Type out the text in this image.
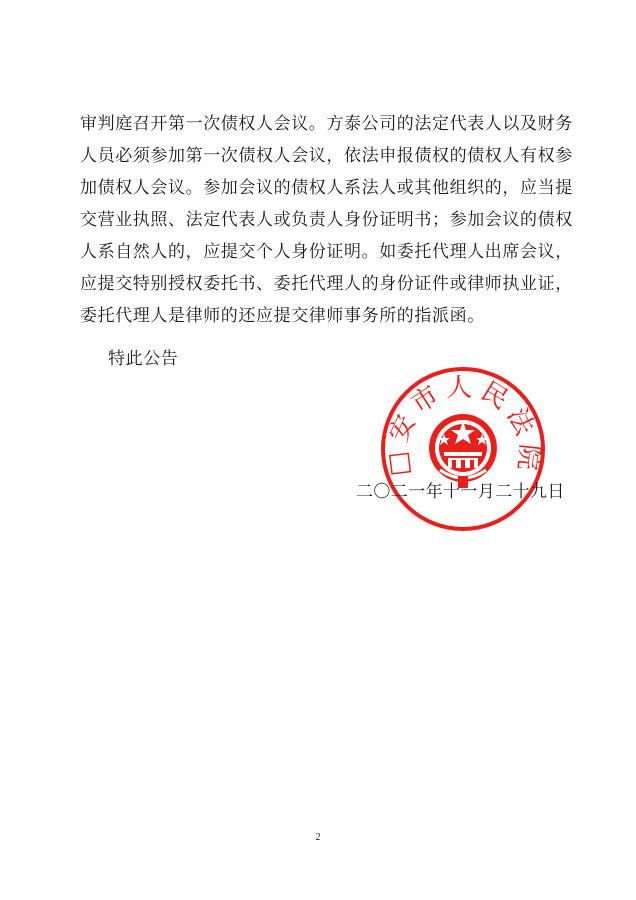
审判庭召开第一次债权人会议。方泰公司的法定代表人以及财务
人员必须参加第一次债权人会议，依法申报债权的债权人有权参
加债权人会议。参加会议的债权人系法人或其他组织的，应当提
交营业执照、法定代表人或负责人身份证明书；参加会议的债权
人系自然人的，应提交个人身份证明。如委托代理人出席会议，
应提交特别授权委托书、委托代理人的身份证件或律师执业证，
委托代理人是律师的还应提交律师事务所的指派函。
特此公告
□安市人民法院
二〇二一年十一月二十九日
2
